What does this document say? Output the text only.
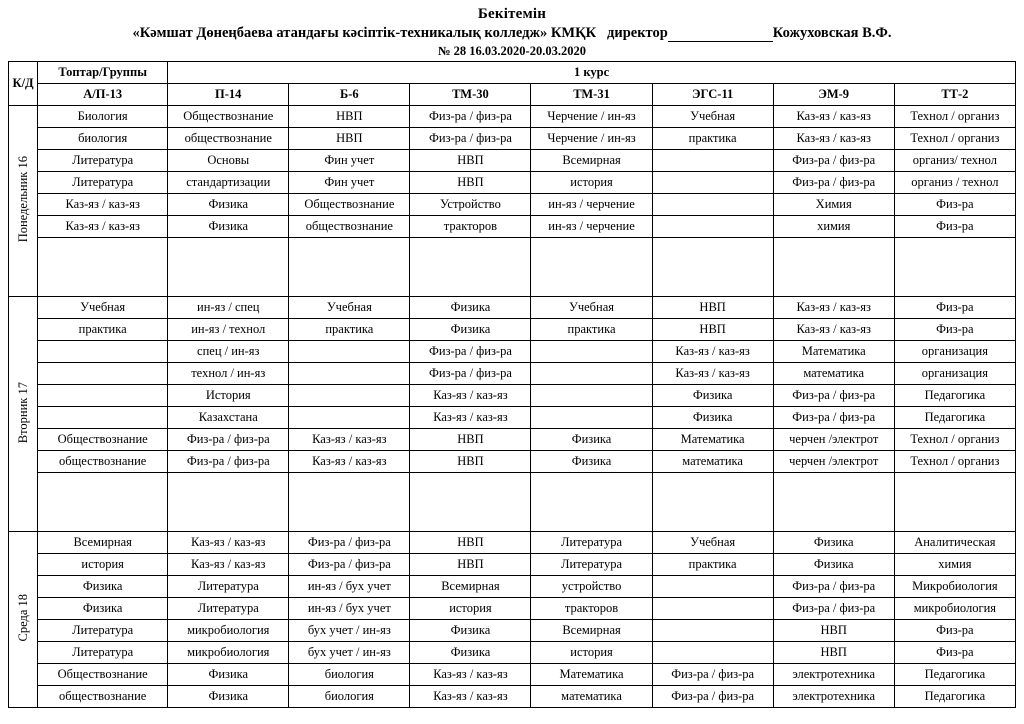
Бекітемін
«Кәмшат Дөнеңбаева атандағы кәсіптік-техникалық колледж» КМҚК директор	Кожуховская В.Ф.
№ 28 16.03.2020-20.03.2020
К/Д	Топтар/Группы	1 курс						
	А/П-13	П-14	Б-6	ТМ-30	ТМ-31	ЭГС-11	ЭМ-9	ТТ-2
Понедельник 16	Биология	Обществознание	НВП	Физ-ра / физ-ра	Черчение / ин-яз	Учебная	Каз-яз / каз-яз	Технол / организ
	биология	обществознание	НВП	Физ-ра / физ-ра	Черчение / ин-яз	практика	Каз-яз / каз-яз	Технол / организ
	Литература	Основы	Фин учет	НВП	Всемирная		Физ-ра / физ-ра	организ/ технол
	Литература	стандартизации	Фин учет	НВП	история		Физ-ра / физ-ра	организ / технол
	Каз-яз / каз-яз	Физика	Обществознание	Устройство	ин-яз / черчение		Химия	Физ-ра
	Каз-яз / каз-яз	Физика	обществознание	тракторов	ин-яз / черчение		химия	Физ-ра

Вторник 17	Учебная	ин-яз / спец	Учебная	Физика	Учебная	НВП	Каз-яз / каз-яз	Физ-ра
	практика	ин-яз / технол	практика	Физика	практика	НВП	Каз-яз / каз-яз	Физ-ра
		спец / ин-яз		Физ-ра / физ-ра		Каз-яз / каз-яз	Математика	организация
		технол / ин-яз		Физ-ра / физ-ра		Каз-яз / каз-яз	математика	организация
		История		Каз-яз / каз-яз		Физика	Физ-ра / физ-ра	Педагогика
		Казахстана		Каз-яз / каз-яз		Физика	Физ-ра / физ-ра	Педагогика
	Обществознание	Физ-ра / физ-ра	Каз-яз / каз-яз	НВП	Физика	Математика	черчен /электрот	Технол / организ
	обществознание	Физ-ра / физ-ра	Каз-яз / каз-яз	НВП	Физика	математика	черчен /электрот	Технол / организ

Среда 18	Всемирная	Каз-яз / каз-яз	Физ-ра / физ-ра	НВП	Литература	Учебная	Физика	Аналитическая
	история	Каз-яз / каз-яз	Физ-ра / физ-ра	НВП	Литература	практика	Физика	химия
	Физика	Литература	ин-яз / бух учет	Всемирная	устройство		Физ-ра / физ-ра	Микробиология
	Физика	Литература	ин-яз / бух учет	история	тракторов		Физ-ра / физ-ра	микробиология
	Литература	микробиология	бух учет / ин-яз	Физика	Всемирная		НВП	Физ-ра
	Литература	микробиология	бух учет / ин-яз	Физика	история		НВП	Физ-ра
	Обществознание	Физика	биология	Каз-яз / каз-яз	Математика	Физ-ра / физ-ра	электротехника	Педагогика
	обществознание	Физика	биология	Каз-яз / каз-яз	математика	Физ-ра / физ-ра	электротехника	Педагогика
